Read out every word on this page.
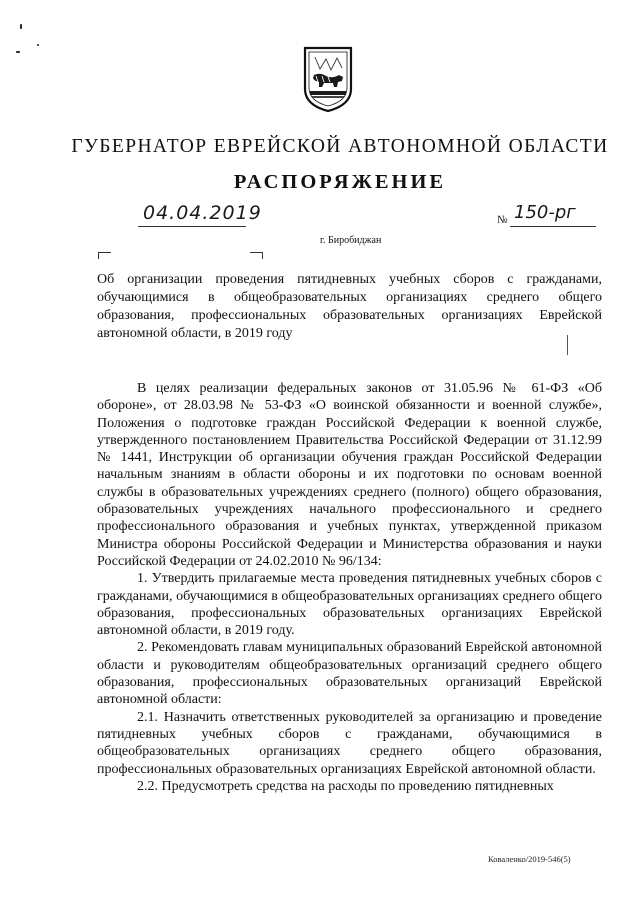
ГУБЕРНАТОР ЕВРЕЙСКОЙ АВТОНОМНОЙ ОБЛАСТИ
РАСПОРЯЖЕНИЕ
04.04.2019	№ 150-рг
г. Биробиджан
Об организации проведения пятидневных учебных сборов с гражданами, обучающимися в общеобразовательных организациях среднего общего образования, профессиональных образовательных организациях Еврейской автономной области, в 2019 году

В целях реализации федеральных законов от 31.05.96 № 61-ФЗ «Об обороне», от 28.03.98 № 53-ФЗ «О воинской обязанности и военной службе», Положения о подготовке граждан Российской Федерации к военной службе, утвержденного постановлением Правительства Российской Федерации от 31.12.99 № 1441, Инструкции об организации обучения граждан Российской Федерации начальным знаниям в области обороны и их подготовки по основам военной службы в образовательных учреждениях среднего (полного) общего образования, образовательных учреждениях начального профессионального и среднего профессионального образования и учебных пунктах, утвержденной приказом Министра обороны Российской Федерации и Министерства образования и науки Российской Федерации от 24.02.2010 № 96/134:

1. Утвердить прилагаемые места проведения пятидневных учебных сборов с гражданами, обучающимися в общеобразовательных организациях среднего общего образования, профессиональных образовательных организациях Еврейской автономной области, в 2019 году.

2. Рекомендовать главам муниципальных образований Еврейской автономной области и руководителям общеобразовательных организаций среднего общего образования, профессиональных образовательных организаций Еврейской автономной области:

2.1. Назначить ответственных руководителей за организацию и проведение пятидневных учебных сборов с гражданами, обучающимися в общеобразовательных организациях среднего общего образования, профессиональных образовательных организациях Еврейской автономной области.

2.2. Предусмотреть средства на расходы по проведению пятидневных

Коваленко/2019-546(5)
